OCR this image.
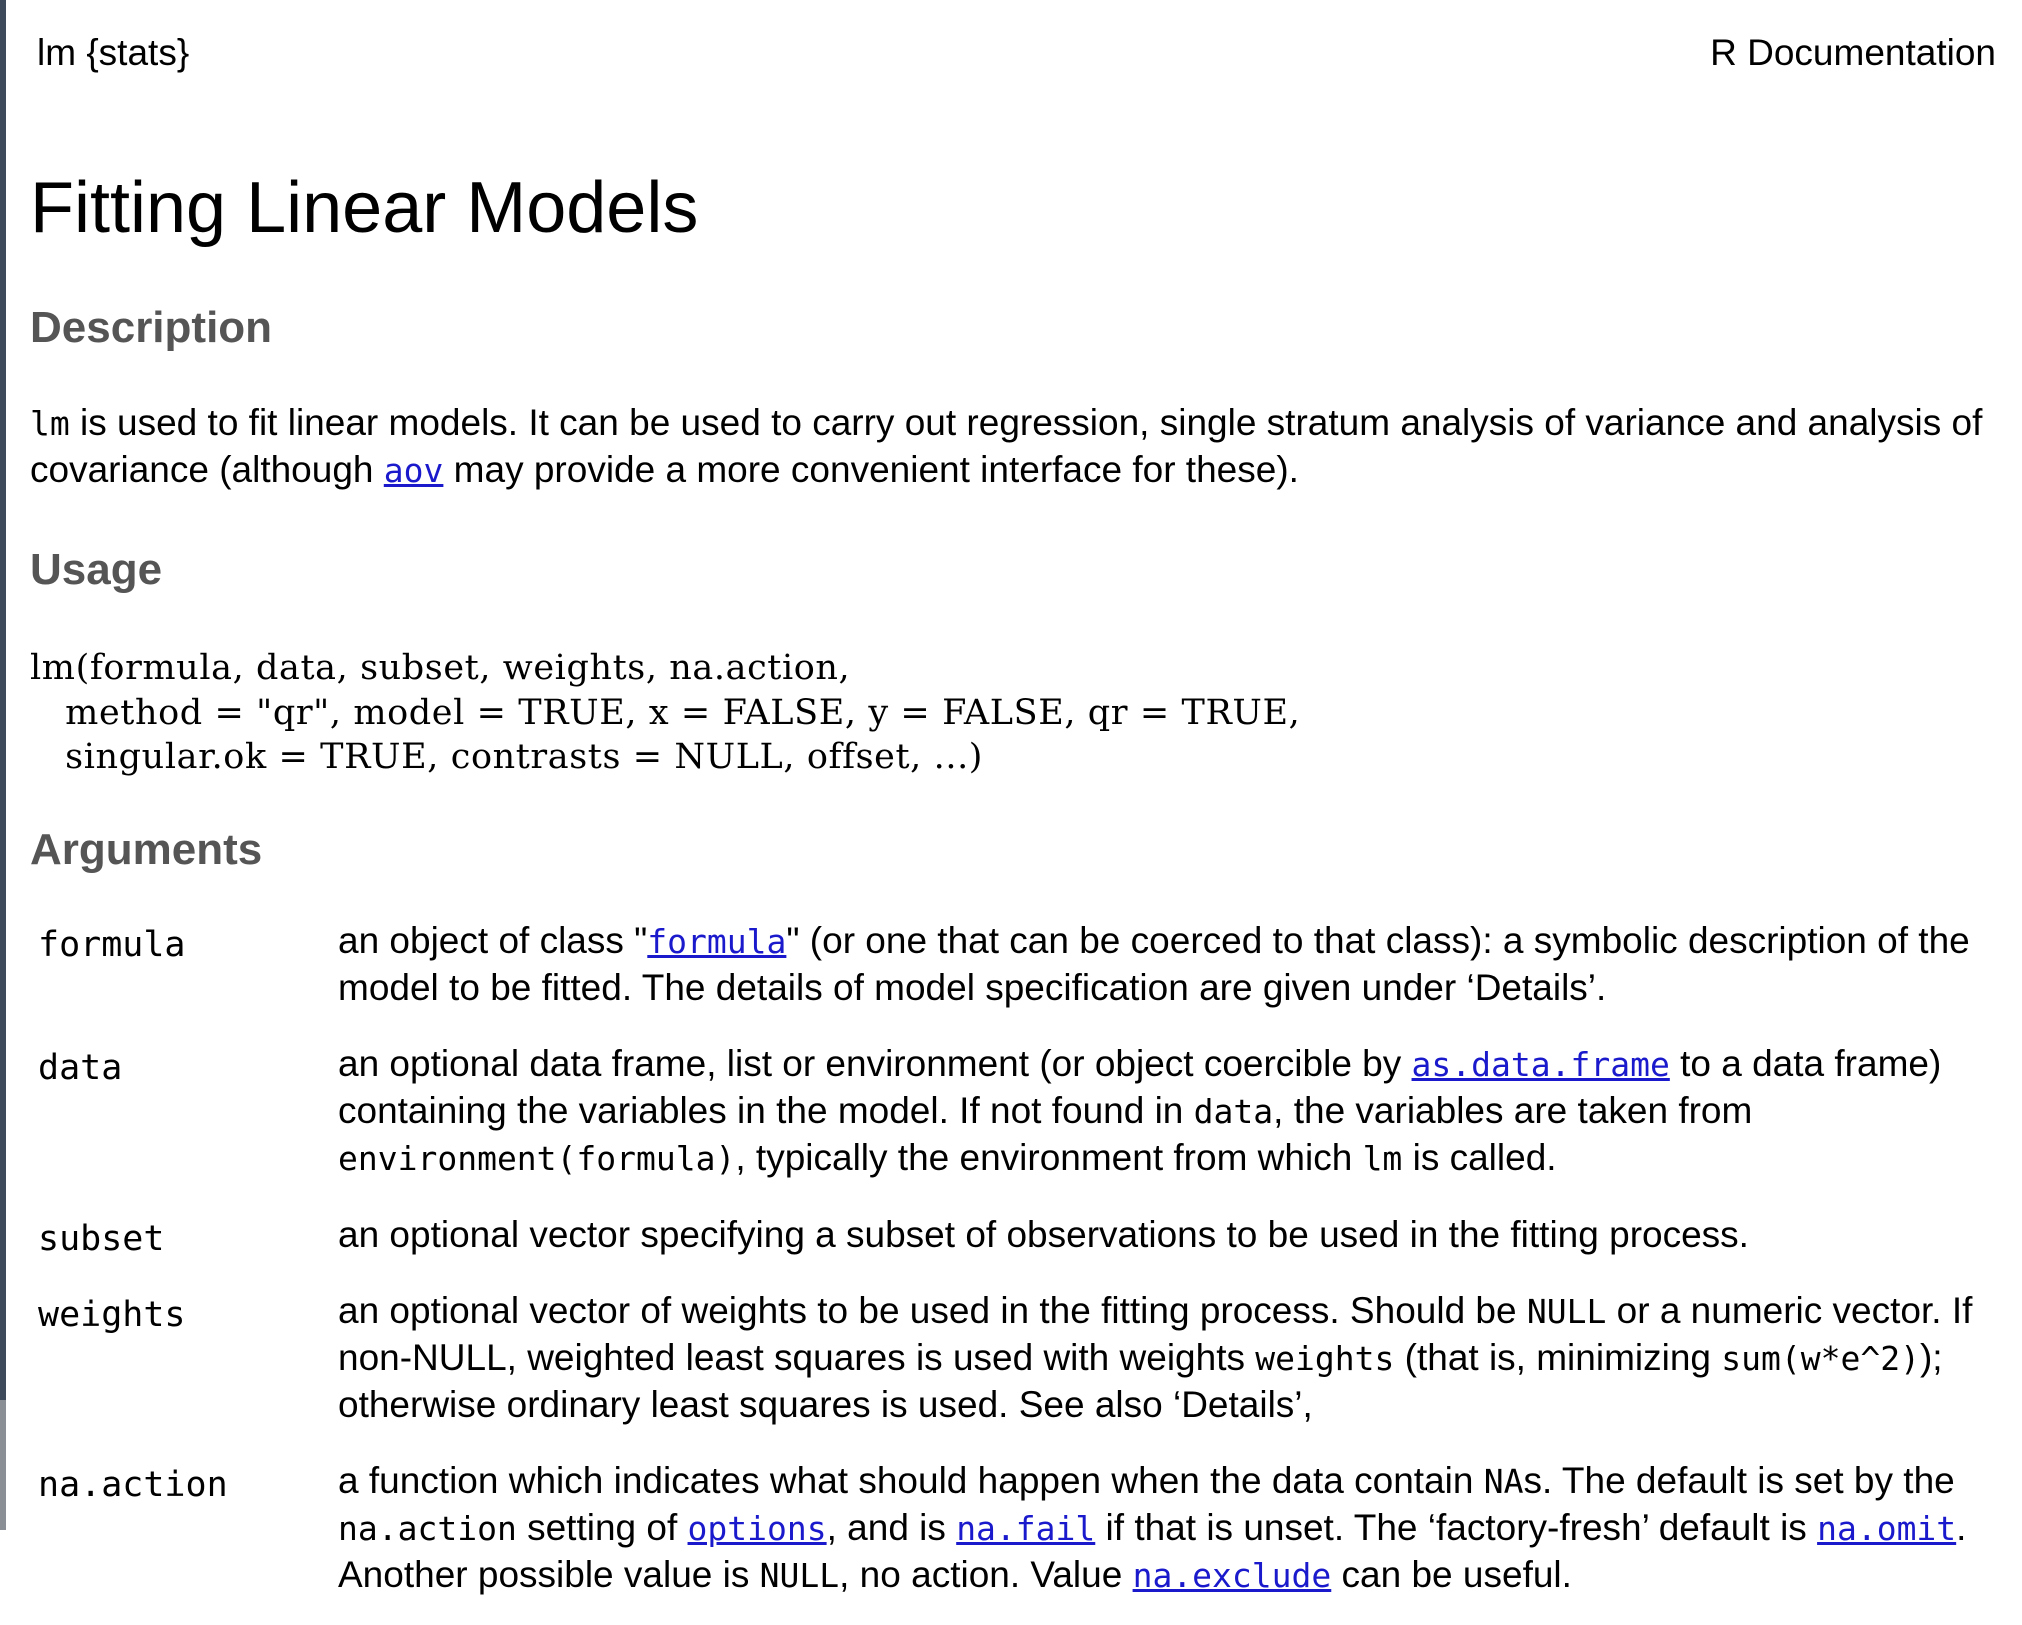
lm {stats}	R Documentation
Fitting Linear Models
Description
lm is used to fit linear models. It can be used to carry out regression, single stratum analysis of variance and analysis of covariance (although aov may provide a more convenient interface for these).
Usage
lm(formula, data, subset, weights, na.action,
method = "qr", model = TRUE, x = FALSE, y = FALSE, qr = TRUE,
singular.ok = TRUE, contrasts = NULL, offset, ...)
Arguments
formula	an object of class "formula" (or one that can be coerced to that class): a symbolic description of the model to be fitted. The details of model specification are given under ‘Details’.
data	an optional data frame, list or environment (or object coercible by as.data.frame to a data frame) containing the variables in the model. If not found in data, the variables are taken from environment(formula), typically the environment from which lm is called.
subset	an optional vector specifying a subset of observations to be used in the fitting process.
weights	an optional vector of weights to be used in the fitting process. Should be NULL or a numeric vector. If non-NULL, weighted least squares is used with weights weights (that is, minimizing sum(w*e^2)); otherwise ordinary least squares is used. See also ‘Details’,
na.action	a function which indicates what should happen when the data contain NAs. The default is set by the na.action setting of options, and is na.fail if that is unset. The ‘factory-fresh’ default is na.omit. Another possible value is NULL, no action. Value na.exclude can be useful.
